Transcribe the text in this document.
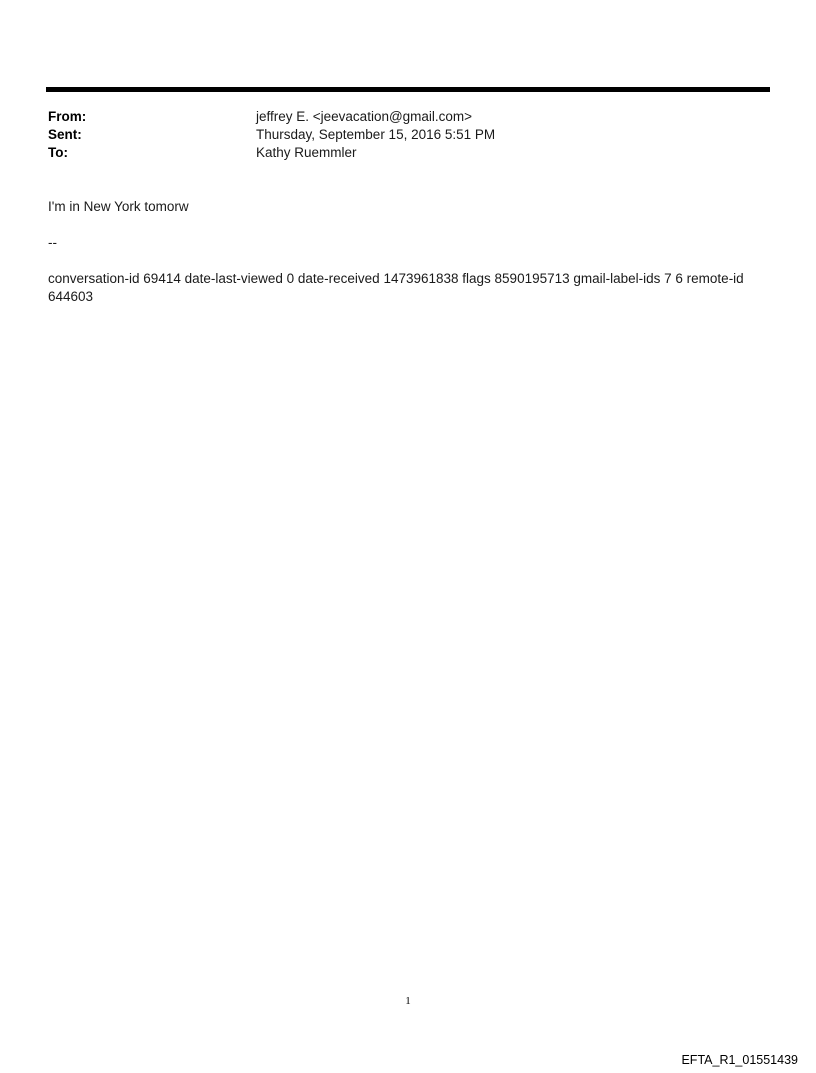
From:	jeffrey E. <jeevacation@gmail.com>
Sent:	Thursday, September 15, 2016 5:51 PM
To:	Kathy Ruemmler
I'm in New York tomorw
--
conversation-id 69414 date-last-viewed 0 date-received 1473961838 flags 8590195713 gmail-label-ids 7 6 remote-id 644603
1
EFTA_R1_01551439
